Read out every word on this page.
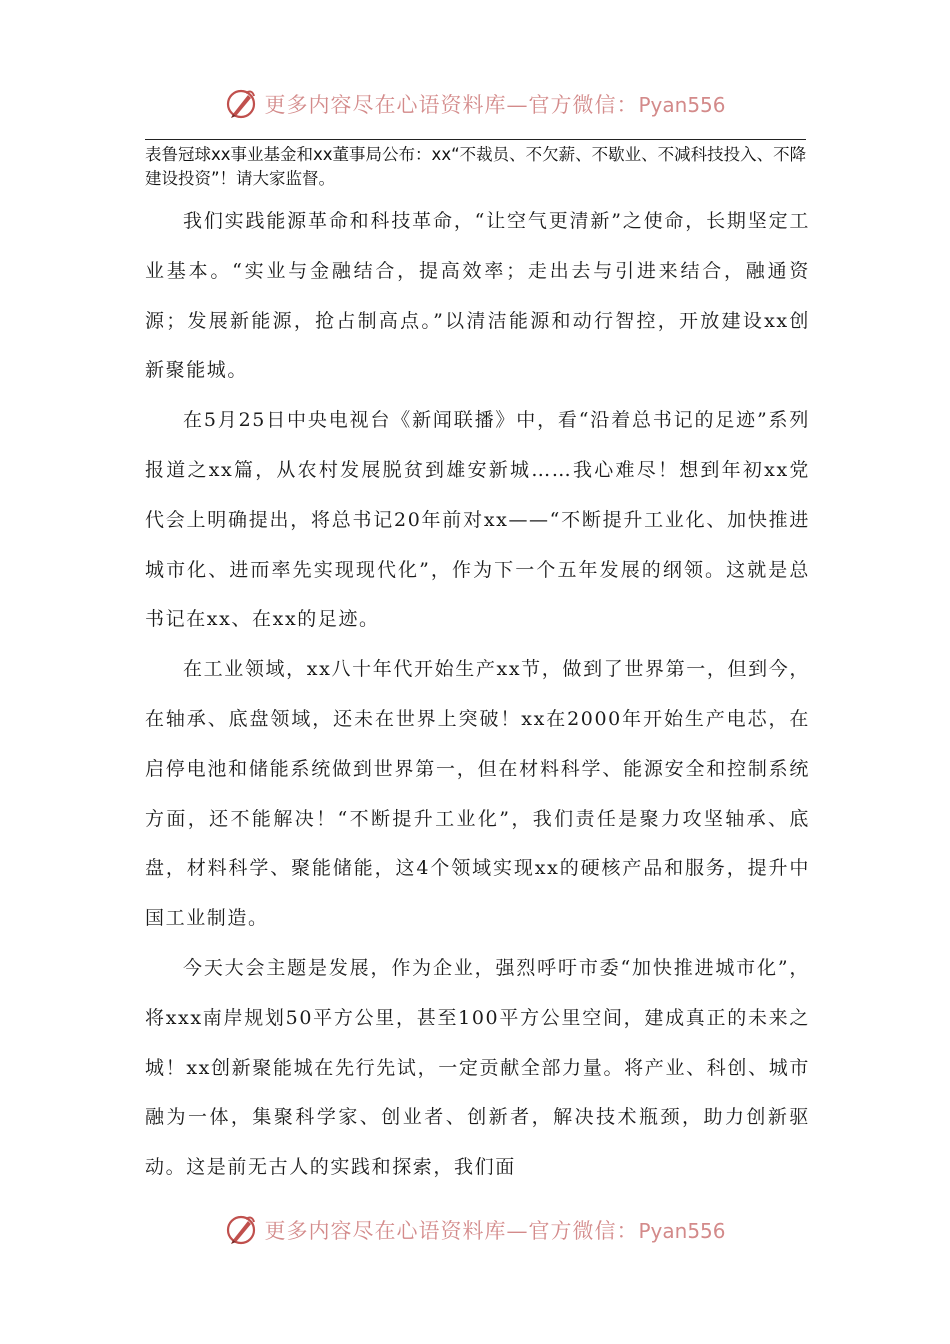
更多内容尽在心语资料库—官方微信：Pyan556

表鲁冠球xx事业基金和xx董事局公布：xx“不裁员、不欠薪、不歇业、不减科技投入、不降建设投资”！请大家监督。

我们实践能源革命和科技革命，“让空气更清新”之使命，长期坚定工业基本。“实业与金融结合，提高效率；走出去与引进来结合，融通资源；发展新能源，抢占制高点。”以清洁能源和动行智控，开放建设xx创新聚能城。

在5月25日中央电视台《新闻联播》中，看“沿着总书记的足迹”系列报道之xx篇，从农村发展脱贫到雄安新城……我心难尽！想到年初xx党代会上明确提出，将总书记20年前对xx——“不断提升工业化、加快推进城市化、进而率先实现现代化”，作为下一个五年发展的纲领。这就是总书记在xx、在xx的足迹。

在工业领域，xx八十年代开始生产xx节，做到了世界第一，但到今，在轴承、底盘领域，还未在世界上突破！xx在2000年开始生产电芯，在启停电池和储能系统做到世界第一，但在材料科学、能源安全和控制系统方面，还不能解决！“不断提升工业化”，我们责任是聚力攻坚轴承、底盘，材料科学、聚能储能，这4个领域实现xx的硬核产品和服务，提升中国工业制造。

今天大会主题是发展，作为企业，强烈呼吁市委“加快推进城市化”，将xxx南岸规划50平方公里，甚至100平方公里空间，建成真正的未来之城！xx创新聚能城在先行先试，一定贡献全部力量。将产业、科创、城市融为一体，集聚科学家、创业者、创新者，解决技术瓶颈，助力创新驱动。这是前无古人的实践和探索，我们面

更多内容尽在心语资料库—官方微信：Pyan556
